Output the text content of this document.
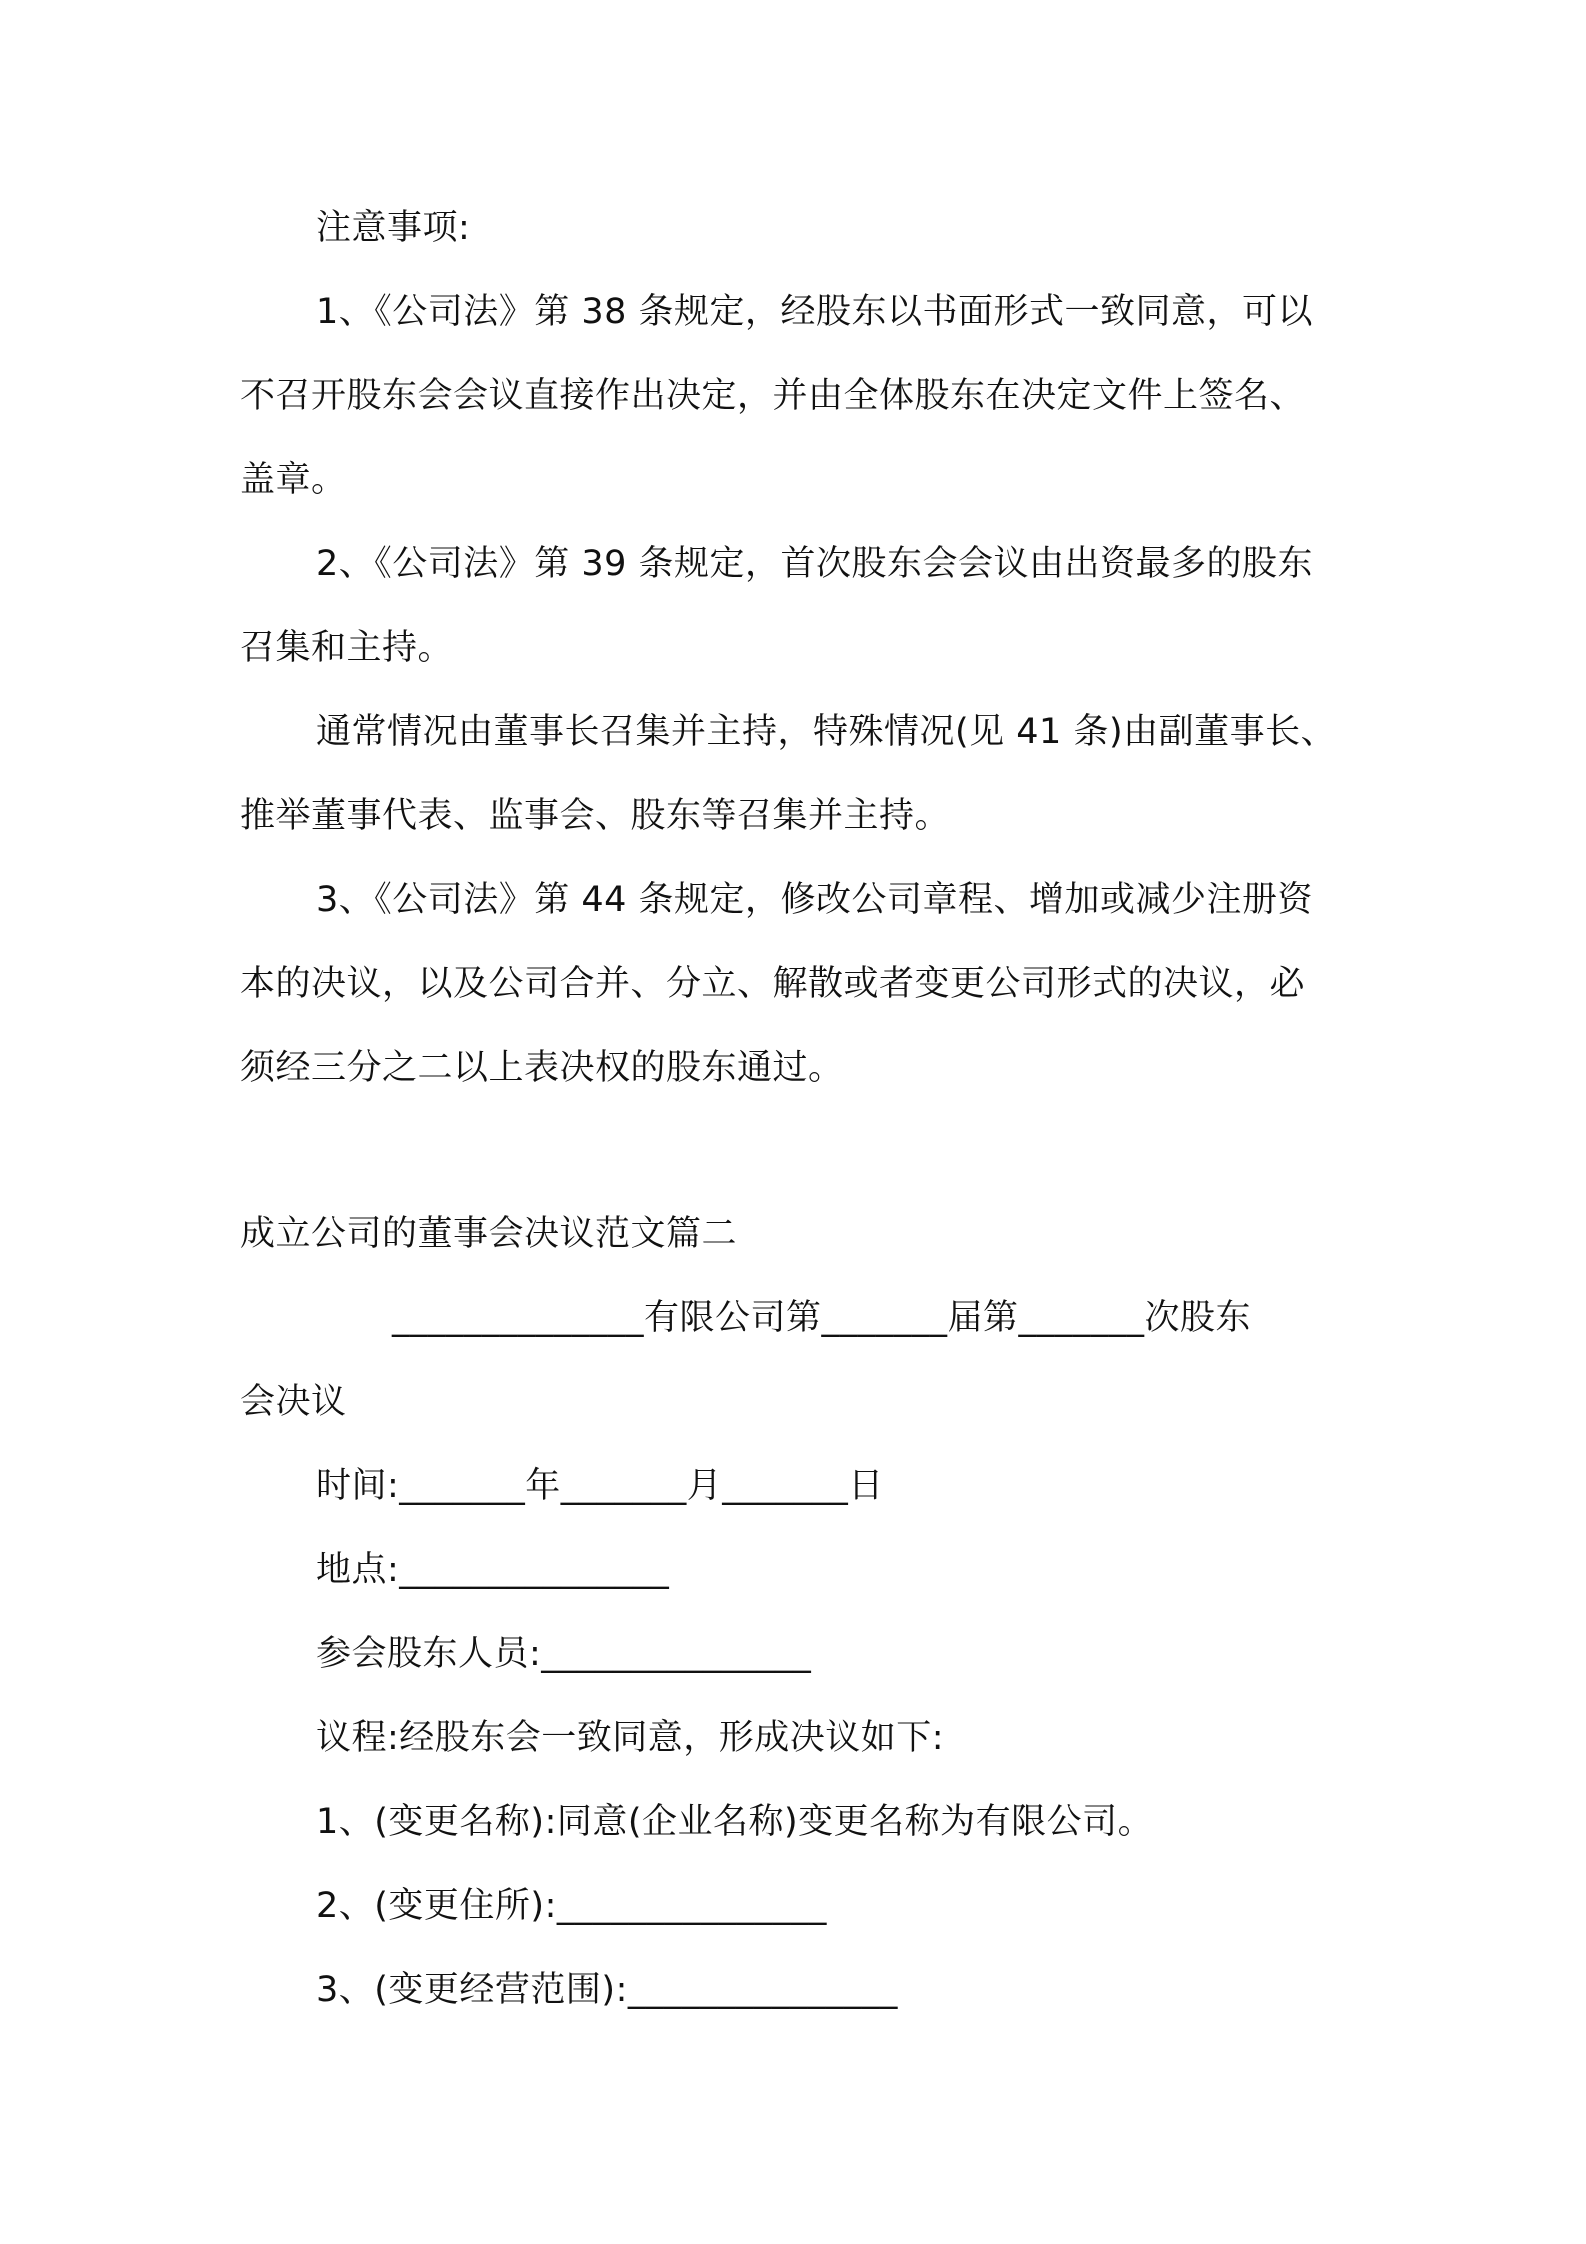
注意事项:
1、《公司法》第 38 条规定，经股东以书面形式一致同意，可以
不召开股东会会议直接作出决定，并由全体股东在决定文件上签名、
盖章。
2、《公司法》第 39 条规定，首次股东会会议由出资最多的股东
召集和主持。
通常情况由董事长召集并主持，特殊情况(见 41 条)由副董事长、
推举董事代表、监事会、股东等召集并主持。
3、《公司法》第 44 条规定，修改公司章程、增加或减少注册资
本的决议，以及公司合并、分立、解散或者变更公司形式的决议，必
须经三分之二以上表决权的股东通过。
成立公司的董事会决议范文篇二
______________有限公司第_______届第_______次股东
会决议
时间:_______年_______月_______日
地点:_______________
参会股东人员:_______________
议程:经股东会一致同意，形成决议如下:
1、(变更名称):同意(企业名称)变更名称为有限公司。
2、(变更住所):_______________
3、(变更经营范围):_______________
